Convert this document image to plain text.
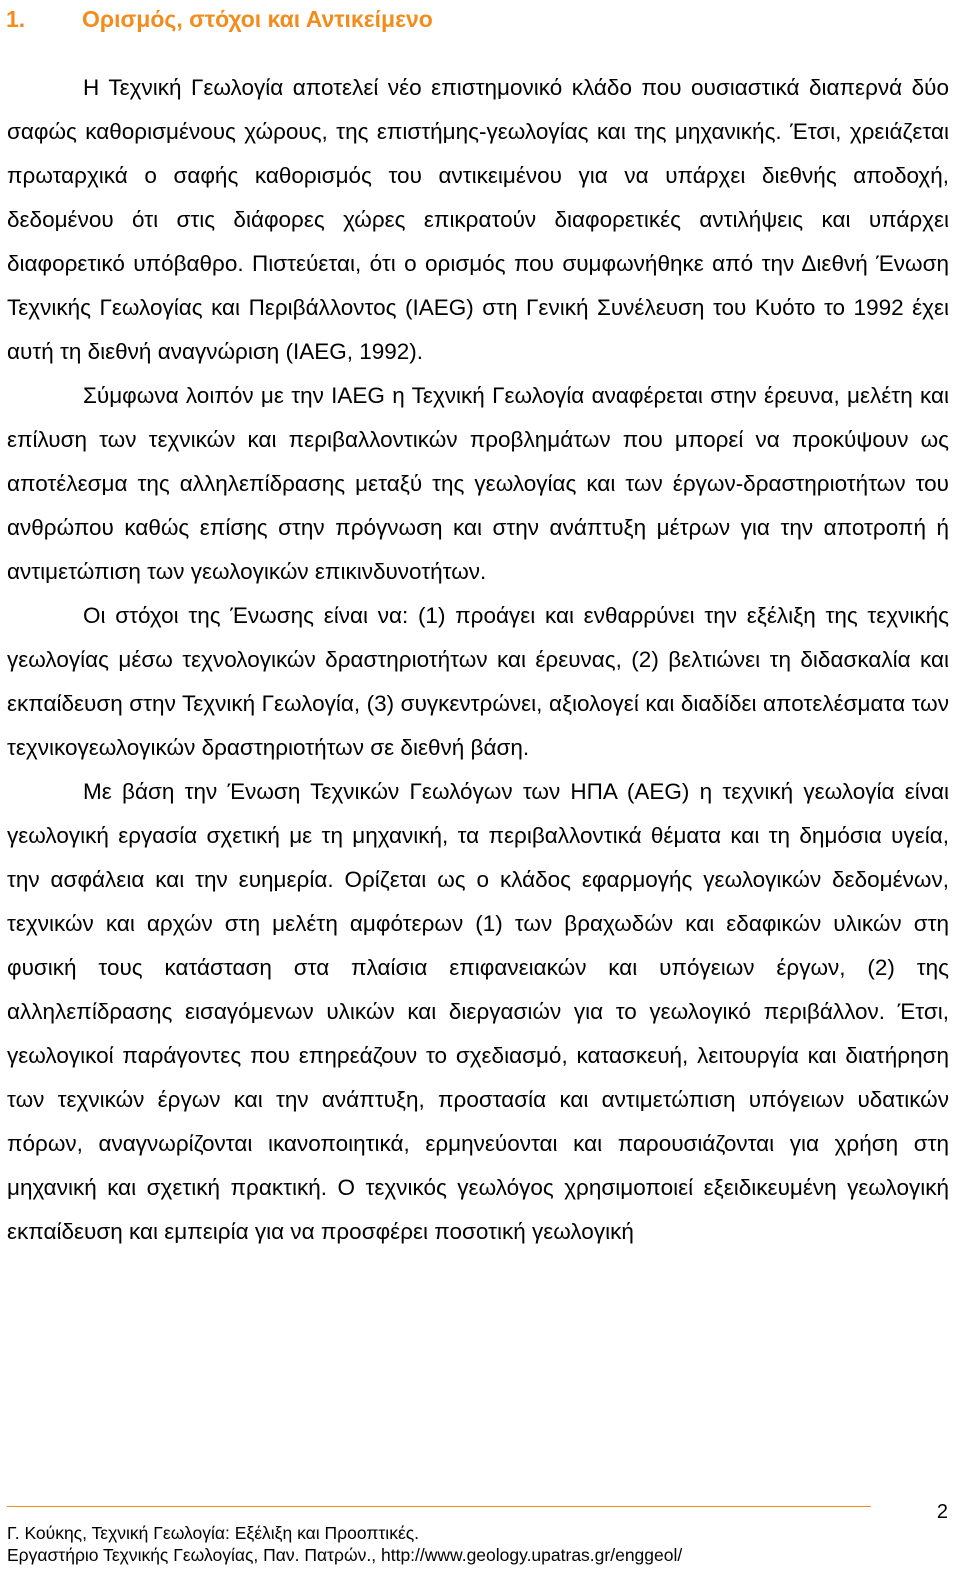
1. Ορισμός, στόχοι και Αντικείμενο

Η Τεχνική Γεωλογία αποτελεί νέο επιστημονικό κλάδο που ουσιαστικά διαπερνά δύο σαφώς καθορισμένους χώρους, της επιστήμης-γεωλογίας και της μηχανικής. Έτσι, χρειάζεται πρωταρχικά ο σαφής καθορισμός του αντικειμένου για να υπάρχει διεθνής αποδοχή, δεδομένου ότι στις διάφορες χώρες επικρατούν διαφορετικές αντιλήψεις και υπάρχει διαφορετικό υπόβαθρο. Πιστεύεται, ότι ο ορισμός που συμφωνήθηκε από την Διεθνή Ένωση Τεχνικής Γεωλογίας και Περιβάλλοντος (IAEG) στη Γενική Συνέλευση του Κυότο το 1992 έχει αυτή τη διεθνή αναγνώριση (IAEG, 1992).

Σύμφωνα λοιπόν με την IAEG η Τεχνική Γεωλογία αναφέρεται στην έρευνα, μελέτη και επίλυση των τεχνικών και περιβαλλοντικών προβλημάτων που μπορεί να προκύψουν ως αποτέλεσμα της αλληλεπίδρασης μεταξύ της γεωλογίας και των έργων-δραστηριοτήτων του ανθρώπου καθώς επίσης στην πρόγνωση και στην ανάπτυξη μέτρων για την αποτροπή ή αντιμετώπιση των γεωλογικών επικινδυνοτήτων.

Οι στόχοι της Ένωσης είναι να: (1) προάγει και ενθαρρύνει την εξέλιξη της τεχνικής γεωλογίας μέσω τεχνολογικών δραστηριοτήτων και έρευνας, (2) βελτιώνει τη διδασκαλία και εκπαίδευση στην Τεχνική Γεωλογία, (3) συγκεντρώνει, αξιολογεί και διαδίδει αποτελέσματα των τεχνικογεωλογικών δραστηριοτήτων σε διεθνή βάση.

Με βάση την Ένωση Τεχνικών Γεωλόγων των ΗΠΑ (AEG) η τεχνική γεωλογία είναι γεωλογική εργασία σχετική με τη μηχανική, τα περιβαλλοντικά θέματα και τη δημόσια υγεία, την ασφάλεια και την ευημερία. Ορίζεται ως ο κλάδος εφαρμογής γεωλογικών δεδομένων, τεχνικών και αρχών στη μελέτη αμφότερων (1) των βραχωδών και εδαφικών υλικών στη φυσική τους κατάσταση στα πλαίσια επιφανειακών και υπόγειων έργων, (2) της αλληλεπίδρασης εισαγόμενων υλικών και διεργασιών για το γεωλογικό περιβάλλον. Έτσι, γεωλογικοί παράγοντες που επηρεάζουν το σχεδιασμό, κατασκευή, λειτουργία και διατήρηση των τεχνικών έργων και την ανάπτυξη, προστασία και αντιμετώπιση υπόγειων υδατικών πόρων, αναγνωρίζονται ικανοποιητικά, ερμηνεύονται και παρουσιάζονται για χρήση στη μηχανική και σχετική πρακτική. Ο τεχνικός γεωλόγος χρησιμοποιεί εξειδικευμένη γεωλογική εκπαίδευση και εμπειρία για να προσφέρει ποσοτική γεωλογική

2
Γ. Κούκης, Τεχνική Γεωλογία: Εξέλιξη και Προοπτικές.
Εργαστήριο Τεχνικής Γεωλογίας, Παν. Πατρών., http://www.geology.upatras.gr/enggeol/
